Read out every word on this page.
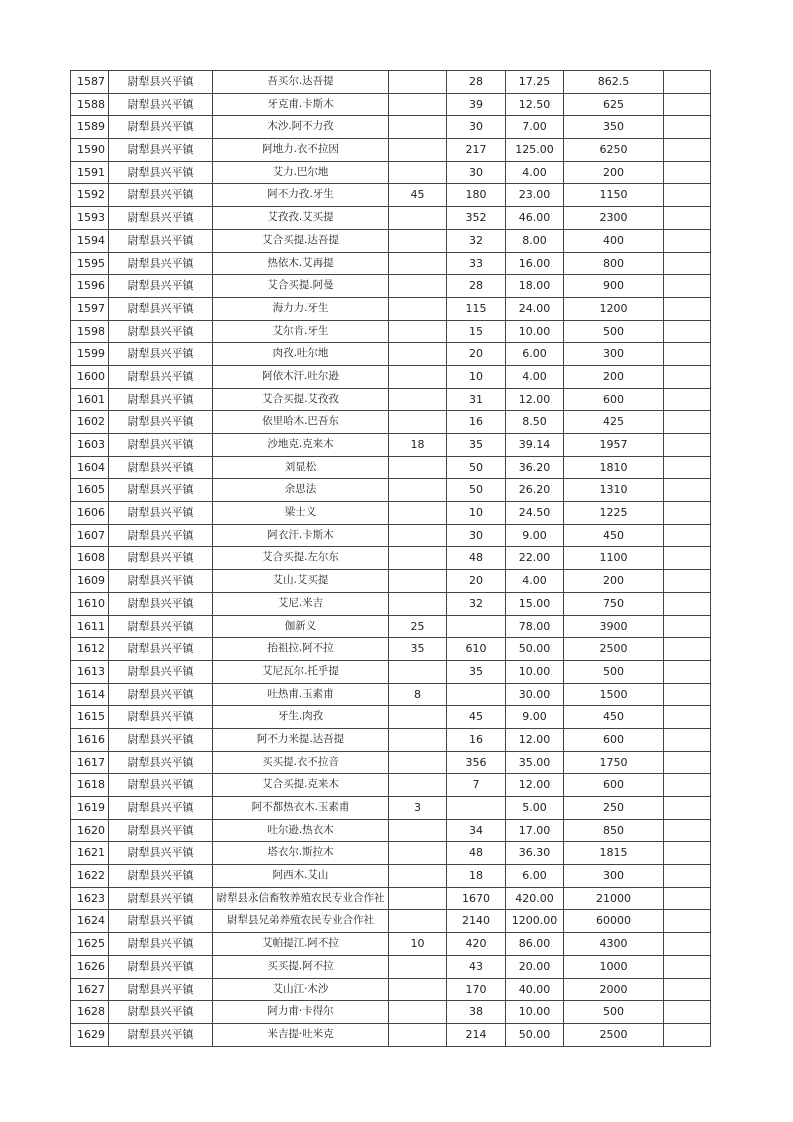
1587	尉犁县兴平镇	吾买尔.达吾提		28	17.25	862.5	
1588	尉犁县兴平镇	牙克甫.卡斯木		39	12.50	625	
1589	尉犁县兴平镇	木沙.阿不力孜		30	7.00	350	
1590	尉犁县兴平镇	阿地力.衣不拉因		217	125.00	6250	
1591	尉犁县兴平镇	艾力.巴尔地		30	4.00	200	
1592	尉犁县兴平镇	阿不力孜.牙生	45	180	23.00	1150	
1593	尉犁县兴平镇	艾孜孜.艾买提		352	46.00	2300	
1594	尉犁县兴平镇	艾合买提.达吾提		32	8.00	400	
1595	尉犁县兴平镇	热依木.艾再提		33	16.00	800	
1596	尉犁县兴平镇	艾合买提.阿曼		28	18.00	900	
1597	尉犁县兴平镇	海力力.牙生		115	24.00	1200	
1598	尉犁县兴平镇	艾尔肯.牙生		15	10.00	500	
1599	尉犁县兴平镇	肉孜.吐尔地		20	6.00	300	
1600	尉犁县兴平镇	阿依木汗.吐尔逊		10	4.00	200	
1601	尉犁县兴平镇	艾合买提.艾孜孜		31	12.00	600	
1602	尉犁县兴平镇	依里哈木.巴吾东		16	8.50	425	
1603	尉犁县兴平镇	沙地克.克来木	18	35	39.14	1957	
1604	尉犁县兴平镇	刘显松		50	36.20	1810	
1605	尉犁县兴平镇	余思法		50	26.20	1310	
1606	尉犁县兴平镇	梁士义		10	24.50	1225	
1607	尉犁县兴平镇	阿衣汗.卡斯木		30	9.00	450	
1608	尉犁县兴平镇	艾合买提.左尔东		48	22.00	1100	
1609	尉犁县兴平镇	艾山.艾买提		20	4.00	200	
1610	尉犁县兴平镇	艾尼.米吉		32	15.00	750	
1611	尉犁县兴平镇	伽新义	25		78.00	3900	
1612	尉犁县兴平镇	抬祖拉.阿不拉	35	610	50.00	2500	
1613	尉犁县兴平镇	艾尼瓦尔.托乎提		35	10.00	500	
1614	尉犁县兴平镇	吐热甫.玉素甫	8		30.00	1500	
1615	尉犁县兴平镇	牙生.肉孜		45	9.00	450	
1616	尉犁县兴平镇	阿不力米提.达吾提		16	12.00	600	
1617	尉犁县兴平镇	买买提.衣不拉音		356	35.00	1750	
1618	尉犁县兴平镇	艾合买提.克来木		7	12.00	600	
1619	尉犁县兴平镇	阿不都热衣木.玉素甫	3		5.00	250	
1620	尉犁县兴平镇	吐尔逊.热衣木		34	17.00	850	
1621	尉犁县兴平镇	塔衣尔.斯拉木		48	36.30	1815	
1622	尉犁县兴平镇	阿西木.艾山		18	6.00	300	
1623	尉犁县兴平镇	尉犁县永信畜牧养殖农民专业合作社		1670	420.00	21000	
1624	尉犁县兴平镇	尉犁县兄弟养殖农民专业合作社		2140	1200.00	60000	
1625	尉犁县兴平镇	艾帕提江.阿不拉	10	420	86.00	4300	
1626	尉犁县兴平镇	买买提.阿不拉		43	20.00	1000	
1627	尉犁县兴平镇	艾山江·木沙		170	40.00	2000	
1628	尉犁县兴平镇	阿力甫·卡得尔		38	10.00	500	
1629	尉犁县兴平镇	米吉提·吐米克		214	50.00	2500	
